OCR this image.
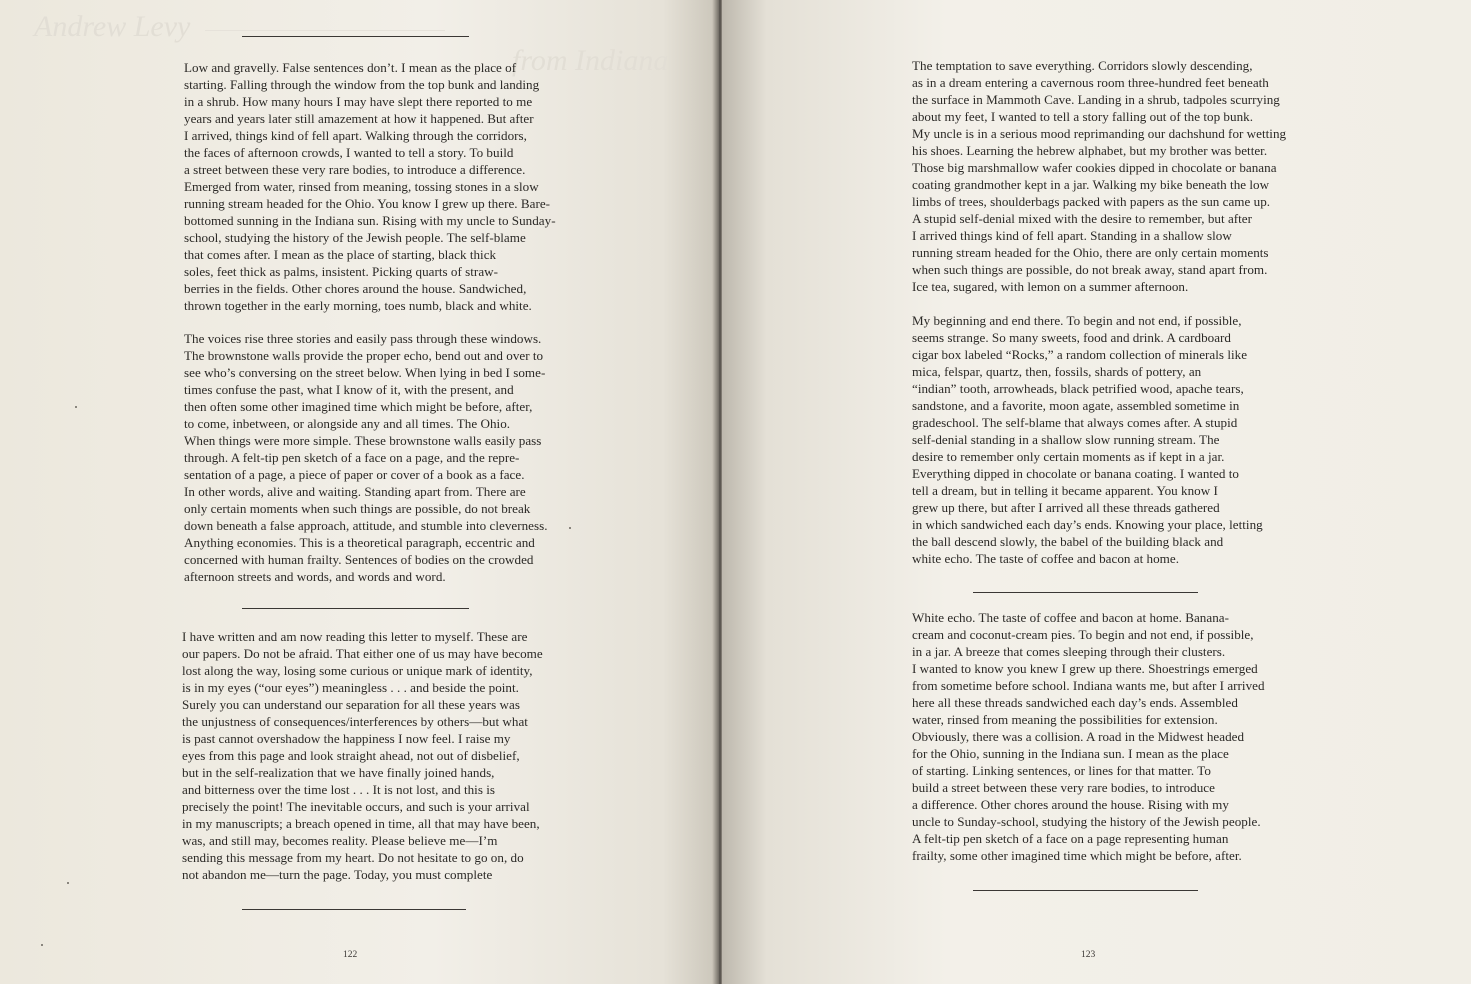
Andrew Levy
from Indiana
Low and gravelly. False sentences don’t. I mean as the place of
starting. Falling through the window from the top bunk and landing
in a shrub. How many hours I may have slept there reported to me
years and years later still amazement at how it happened. But after
I arrived, things kind of fell apart. Walking through the corridors,
the faces of afternoon crowds, I wanted to tell a story. To build
a street between these very rare bodies, to introduce a difference.
Emerged from water, rinsed from meaning, tossing stones in a slow
running stream headed for the Ohio. You know I grew up there. Bare-
bottomed sunning in the Indiana sun. Rising with my uncle to Sunday-
school, studying the history of the Jewish people. The self-blame
that comes after. I mean as the place of starting, black thick
soles, feet thick as palms, insistent. Picking quarts of straw-
berries in the fields. Other chores around the house. Sandwiched,
thrown together in the early morning, toes numb, black and white.
The voices rise three stories and easily pass through these windows.
The brownstone walls provide the proper echo, bend out and over to
see who’s conversing on the street below. When lying in bed I some-
times confuse the past, what I know of it, with the present, and
then often some other imagined time which might be before, after,
to come, inbetween, or alongside any and all times. The Ohio.
When things were more simple. These brownstone walls easily pass
through. A felt-tip pen sketch of a face on a page, and the repre-
sentation of a page, a piece of paper or cover of a book as a face.
In other words, alive and waiting. Standing apart from. There are
only certain moments when such things are possible, do not break
down beneath a false approach, attitude, and stumble into cleverness.
Anything economies. This is a theoretical paragraph, eccentric and
concerned with human frailty. Sentences of bodies on the crowded
afternoon streets and words, and words and word.
I have written and am now reading this letter to myself. These are
our papers. Do not be afraid. That either one of us may have become
lost along the way, losing some curious or unique mark of identity,
is in my eyes (“our eyes”) meaningless . . . and beside the point.
Surely you can understand our separation for all these years was
the unjustness of consequences/interferences by others—but what
is past cannot overshadow the happiness I now feel. I raise my
eyes from this page and look straight ahead, not out of disbelief,
but in the self-realization that we have finally joined hands,
and bitterness over the time lost . . . It is not lost, and this is
precisely the point! The inevitable occurs, and such is your arrival
in my manuscripts; a breach opened in time, all that may have been,
was, and still may, becomes reality. Please believe me—I’m
sending this message from my heart. Do not hesitate to go on, do
not abandon me—turn the page. Today, you must complete
122
The temptation to save everything. Corridors slowly descending,
as in a dream entering a cavernous room three-hundred feet beneath
the surface in Mammoth Cave. Landing in a shrub, tadpoles scurrying
about my feet, I wanted to tell a story falling out of the top bunk.
My uncle is in a serious mood reprimanding our dachshund for wetting
his shoes. Learning the hebrew alphabet, but my brother was better.
Those big marshmallow wafer cookies dipped in chocolate or banana
coating grandmother kept in a jar. Walking my bike beneath the low
limbs of trees, shoulderbags packed with papers as the sun came up.
A stupid self-denial mixed with the desire to remember, but after
I arrived things kind of fell apart. Standing in a shallow slow
running stream headed for the Ohio, there are only certain moments
when such things are possible, do not break away, stand apart from.
Ice tea, sugared, with lemon on a summer afternoon.
My beginning and end there. To begin and not end, if possible,
seems strange. So many sweets, food and drink. A cardboard
cigar box labeled “Rocks,” a random collection of minerals like
mica, felspar, quartz, then, fossils, shards of pottery, an
“indian” tooth, arrowheads, black petrified wood, apache tears,
sandstone, and a favorite, moon agate, assembled sometime in
gradeschool. The self-blame that always comes after. A stupid
self-denial standing in a shallow slow running stream. The
desire to remember only certain moments as if kept in a jar.
Everything dipped in chocolate or banana coating. I wanted to
tell a dream, but in telling it became apparent. You know I
grew up there, but after I arrived all these threads gathered
in which sandwiched each day’s ends. Knowing your place, letting
the ball descend slowly, the babel of the building black and
white echo. The taste of coffee and bacon at home.
White echo. The taste of coffee and bacon at home. Banana-
cream and coconut-cream pies. To begin and not end, if possible,
in a jar. A breeze that comes sleeping through their clusters.
I wanted to know you knew I grew up there. Shoestrings emerged
from sometime before school. Indiana wants me, but after I arrived
here all these threads sandwiched each day’s ends. Assembled
water, rinsed from meaning the possibilities for extension.
Obviously, there was a collision. A road in the Midwest headed
for the Ohio, sunning in the Indiana sun. I mean as the place
of starting. Linking sentences, or lines for that matter. To
build a street between these very rare bodies, to introduce
a difference. Other chores around the house. Rising with my
uncle to Sunday-school, studying the history of the Jewish people.
A felt-tip pen sketch of a face on a page representing human
frailty, some other imagined time which might be before, after.
123
